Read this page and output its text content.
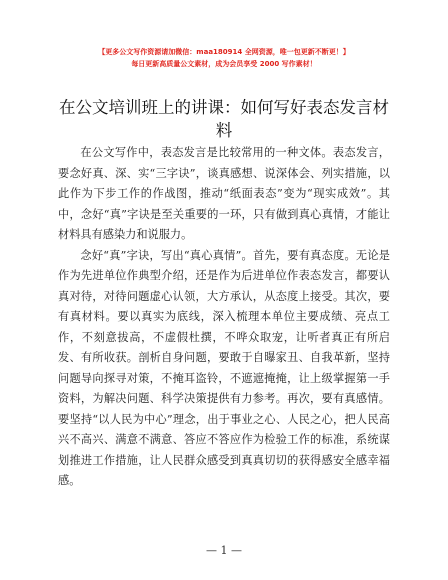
【更多公文写作资源请加微信：maa180914 全网资源，唯一包更新不断更！】
每日更新高质量公文素材，成为会员享受 2000 写作素材！
在公文培训班上的讲课：如何写好表态发言材料

在公文写作中，表态发言是比较常用的一种文体。表态发言，要念好真、深、实“三字诀”，谈真感想、说深体会、列实措施，以此作为下步工作的作战图，推动“纸面表态”变为“现实成效”。其中，念好“真”字诀是至关重要的一环，只有做到真心真情，才能让材料具有感染力和说服力。

念好“真”字诀，写出“真心真情”。首先，要有真态度。无论是作为先进单位作典型介绍，还是作为后进单位作表态发言，都要认真对待，对待问题虚心认领，大方承认，从态度上接受。其次，要有真材料。要以真实为底线，深入梳理本单位主要成绩、亮点工作，不刻意拔高，不虚假杜撰，不哗众取宠，让听者真正有所启发、有所收获。剖析自身问题，要敢于自曝家丑、自我革新，坚持问题导向探寻对策，不掩耳盗铃，不遮遮掩掩，让上级掌握第一手资料，为解决问题、科学决策提供有力参考。再次，要有真感情。要坚持“以人民为中心”理念，出于事业之心、人民之心，把人民高兴不高兴、满意不满意、答应不答应作为检验工作的标准，系统谋划推进工作措施，让人民群众感受到真真切切的获得感安全感幸福感。

— 1 —
